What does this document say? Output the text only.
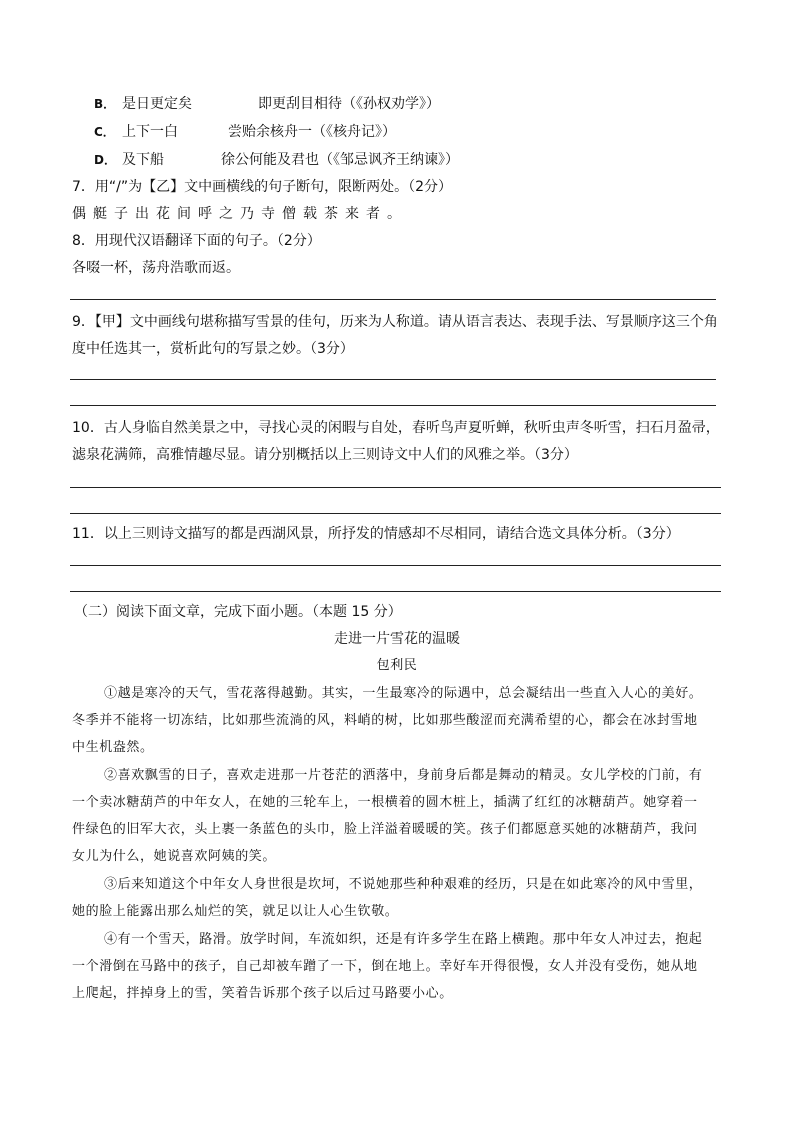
B． 是日更定矣	即更刮目相待（《孙权劝学》）
C． 上下一白	尝贻余核舟一（《核舟记》）
D． 及下船	徐公何能及君也（《邹忌讽齐王纳谏》）
7．用“/”为【乙】文中画横线的句子断句，限断两处。（2分）
偶艇子出花间呼之乃寺僧载茶来者。
8．用现代汉语翻译下面的句子。（2分）
各啜一杯，荡舟浩歌而返。
9．【甲】文中画线句堪称描写雪景的佳句，历来为人称道。请从语言表达、表现手法、写景顺序这三个角
度中任选其一，赏析此句的写景之妙。（3分）
10．古人身临自然美景之中，寻找心灵的闲暇与自处，春听鸟声夏听蝉，秋听虫声冬听雪，扫石月盈帚，
滤泉花满筛，高雅情趣尽显。请分别概括以上三则诗文中人们的风雅之举。（3分）
11．以上三则诗文描写的都是西湖风景，所抒发的情感却不尽相同，请结合选文具体分析。（3分）
（二）阅读下面文章，完成下面小题。（本题 15 分）
走进一片雪花的温暖
包利民
①越是寒冷的天气，雪花落得越勤。其实，一生最寒冷的际遇中，总会凝结出一些直入人心的美好。
冬季并不能将一切冻结，比如那些流淌的风，料峭的树，比如那些酸涩而充满希望的心，都会在冰封雪地
中生机盎然。
②喜欢飘雪的日子，喜欢走进那一片苍茫的洒落中，身前身后都是舞动的精灵。女儿学校的门前，有
一个卖冰糖葫芦的中年女人，在她的三轮车上，一根横着的圆木桩上，插满了红红的冰糖葫芦。她穿着一
件绿色的旧军大衣，头上裹一条蓝色的头巾，脸上洋溢着暖暖的笑。孩子们都愿意买她的冰糖葫芦，我问
女儿为什么，她说喜欢阿姨的笑。
③后来知道这个中年女人身世很是坎坷，不说她那些种种艰难的经历，只是在如此寒冷的风中雪里，
她的脸上能露出那么灿烂的笑，就足以让人心生钦敬。
④有一个雪天，路滑。放学时间，车流如织，还是有许多学生在路上横跑。那中年女人冲过去，抱起
一个滑倒在马路中的孩子，自己却被车蹭了一下，倒在地上。幸好车开得很慢，女人并没有受伤，她从地
上爬起，拌掉身上的雪，笑着告诉那个孩子以后过马路要小心。
